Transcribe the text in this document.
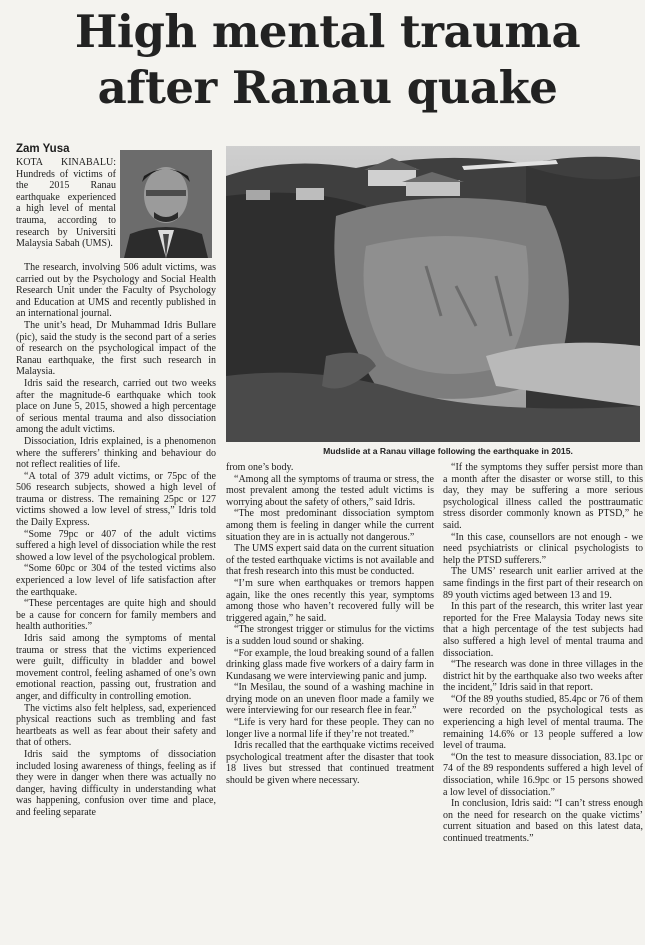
High mental trauma
after Ranau quake
Zam Yusa

KOTA KINABALU: Hundreds of victims of the 2015 Ranau earthquake experienced a high level of mental trauma, according to research by Universiti Malaysia Sabah (UMS).

The research, involving 506 adult victims, was carried out by the Psychology and Social Health Research Unit under the Faculty of Psychology and Education at UMS and recently published in an international journal.

The unit’s head, Dr Muhammad Idris Bullare (pic), said the study is the second part of a series of research on the psychological impact of the Ranau earthquake, the first such research in Malaysia.

Idris said the research, carried out two weeks after the magnitude-6 earthquake which took place on June 5, 2015, showed a high percentage of serious mental trauma and also dissociation among the adult victims.

Dissociation, Idris explained, is a phenomenon where the sufferers’ thinking and behaviour do not reflect realities of life.

“A total of 379 adult victims, or 75pc of the 506 research subjects, showed a high level of trauma or distress. The remaining 25pc or 127 victims showed a low level of stress,” Idris told the Daily Express.

“Some 79pc or 407 of the adult victims suffered a high level of dissociation while the rest showed a low level of the psychological problem.

“Some 60pc or 304 of the tested victims also experienced a low level of life satisfaction after the earthquake.

“These percentages are quite high and should be a cause for concern for family members and health authorities.”

Idris said among the symptoms of mental trauma or stress that the victims experienced were guilt, difficulty in bladder and bowel movement control, feeling ashamed of one’s own emotional reaction, passing out, frustration and anger, and difficulty in controlling emotion.

The victims also felt helpless, sad, experienced physical reactions such as trembling and fast heartbeats as well as fear about their safety and that of others.

Idris said the symptoms of dissociation included losing awareness of things, feeling as if they were in danger when there was actually no danger, having difficulty in understanding what was happening, confusion over time and place, and feeling separate

Mudslide at a Ranau village following the earthquake in 2015.

from one’s body.

“Among all the symptoms of trauma or stress, the most prevalent among the tested adult victims is worrying about the safety of others,” said Idris.

“The most predominant dissociation symptom among them is feeling in danger while the current situation they are in is actually not dangerous.”

The UMS expert said data on the current situation of the tested earthquake victims is not available and that fresh research into this must be conducted.

“I’m sure when earthquakes or tremors happen again, like the ones recently this year, symptoms among those who haven’t recovered fully will be triggered again,” he said.

“The strongest trigger or stimulus for the victims is a sudden loud sound or shaking.

“For example, the loud breaking sound of a fallen drinking glass made five workers of a dairy farm in Kundasang we were interviewing panic and jump.

“In Mesilau, the sound of a washing machine in drying mode on an uneven floor made a family we were interviewing for our research flee in fear.”

“Life is very hard for these people. They can no longer live a normal life if they’re not treated.”

Idris recalled that the earthquake victims received psychological treatment after the disaster that took 18 lives but stressed that continued treatment should be given where necessary.

“If the symptoms they suffer persist more than a month after the disaster or worse still, to this day, they may be suffering a more serious psychological illness called the posttraumatic stress disorder commonly known as PTSD,” he said.

“In this case, counsellors are not enough - we need psychiatrists or clinical psychologists to help the PTSD sufferers.”

The UMS’ research unit earlier arrived at the same findings in the first part of their research on 89 youth victims aged between 13 and 19.

In this part of the research, this writer last year reported for the Free Malaysia Today news site that a high percentage of the test subjects had also suffered a high level of mental trauma and dissociation.

“The research was done in three villages in the district hit by the earthquake also two weeks after the incident,” Idris said in that report.

“Of the 89 youths studied, 85.4pc or 76 of them were recorded on the psychological tests as experiencing a high level of mental trauma. The remaining 14.6% or 13 people suffered a low level of trauma.

“On the test to measure dissociation, 83.1pc or 74 of the 89 respondents suffered a high level of dissociation, while 16.9pc or 15 persons showed a low level of dissociation.”

In conclusion, Idris said: “I can’t stress enough on the need for research on the quake victims’ current situation and based on this latest data, continued treatments.”
